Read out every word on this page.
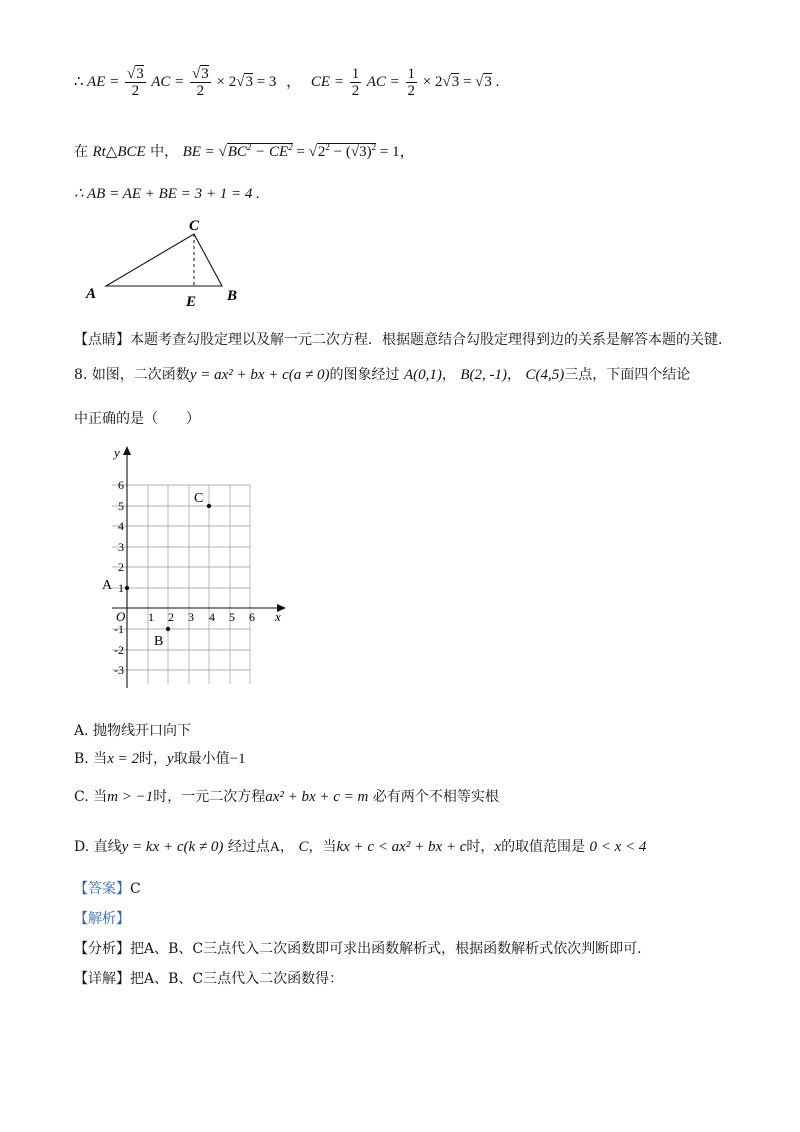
∴ AE = $\frac{√3}{2}$ AC = $\frac{√3}{2} \times 2√3 = 3$ ， CE = $\frac{1}{2}$ AC = $\frac{1}{2} \times 2√3 = √3$ .
在 Rt△BCE 中， BE = $√BC^2 - CE^2 = √2^2 - (√3)^2 = 1$，
∴ AB = AE + BE = 3 + 1 = 4 .
A
C
E B
【点睛】本题考查勾股定理以及解一元二次方程．根据题意结合勾股定理得到边的关系是解答本题的关键．
8. 如图，二次函数y = ax² + bx + c(a ≠ 0)的图象经过 A(0,1)， B(2, -1)， C(4,5)三点，下面四个结论
中正确的是（　　）
y
x
O 1 2 3 4 5 6
6
5
4
3
2
1
-1
-2
-3
A
B
C
A. 抛物线开口向下
B. 当x = 2时，y取最小值−1
C. 当m > −1时，一元二次方程ax² + bx + c = m 必有两个不相等实根
D. 直线y = kx + c(k ≠ 0) 经过点A， C，当kx + c < ax² + bx + c时，x的取值范围是 0 < x < 4
【答案】C
【解析】
【分析】把A、B、C三点代入二次函数即可求出函数解析式，根据函数解析式依次判断即可．
【详解】把A、B、C三点代入二次函数得：
